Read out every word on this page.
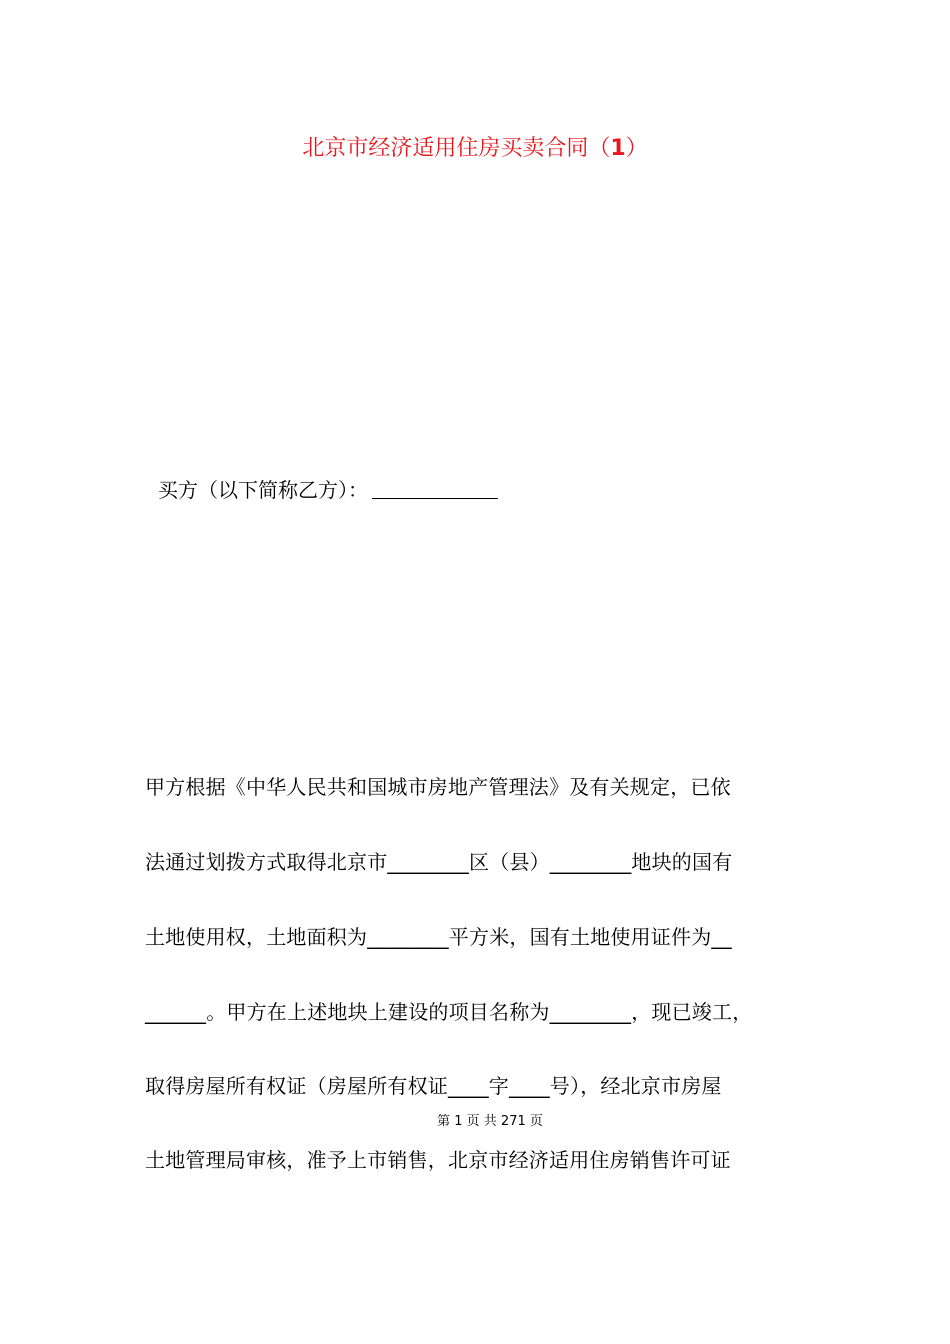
北京市经济适用住房买卖合同（1）
买方（以下简称乙方）：
甲方根据《中华人民共和国城市房地产管理法》及有关规定，已依
法通过划拨方式取得北京市________区（县）________地块的国有
土地使用权，土地面积为________平方米，国有土地使用证件为__
______。甲方在上述地块上建设的项目名称为________，现已竣工，
取得房屋所有权证（房屋所有权证____字____号），经北京市房屋
第 1 页 共 271 页
土地管理局审核，准予上市销售，北京市经济适用住房销售许可证
